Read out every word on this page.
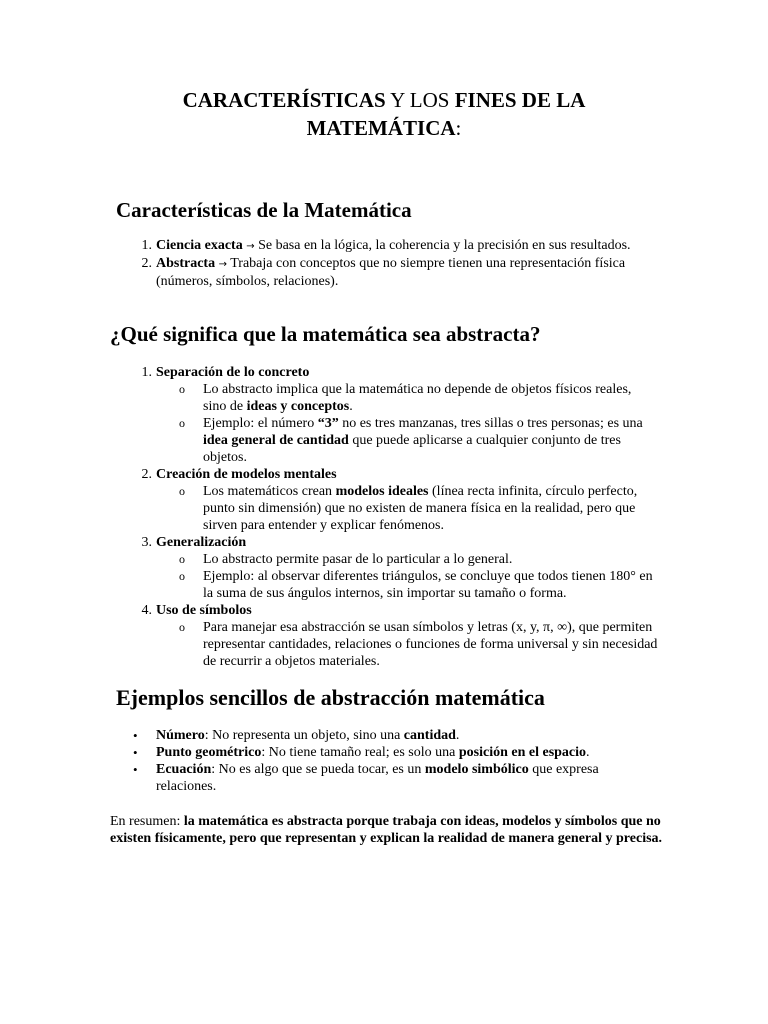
CARACTERÍSTICAS Y LOS FINES DE LA
MATEMÁTICA:
Características de la Matemática
1. Ciencia exacta → Se basa en la lógica, la coherencia y la precisión en sus resultados.
2. Abstracta → Trabaja con conceptos que no siempre tienen una representación física (números, símbolos, relaciones).
¿Qué significa que la matemática sea abstracta?
1. Separación de lo concreto
o Lo abstracto implica que la matemática no depende de objetos físicos reales, sino de ideas y conceptos.
o Ejemplo: el número “3” no es tres manzanas, tres sillas o tres personas; es una idea general de cantidad que puede aplicarse a cualquier conjunto de tres objetos.
2. Creación de modelos mentales
o Los matemáticos crean modelos ideales (línea recta infinita, círculo perfecto, punto sin dimensión) que no existen de manera física en la realidad, pero que sirven para entender y explicar fenómenos.
3. Generalización
o Lo abstracto permite pasar de lo particular a lo general.
o Ejemplo: al observar diferentes triángulos, se concluye que todos tienen 180° en la suma de sus ángulos internos, sin importar su tamaño o forma.
4. Uso de símbolos
o Para manejar esa abstracción se usan símbolos y letras (x, y, π, ∞), que permiten representar cantidades, relaciones o funciones de forma universal y sin necesidad de recurrir a objetos materiales.
Ejemplos sencillos de abstracción matemática
• Número: No representa un objeto, sino una cantidad.
• Punto geométrico: No tiene tamaño real; es solo una posición en el espacio.
• Ecuación: No es algo que se pueda tocar, es un modelo simbólico que expresa relaciones.
En resumen: la matemática es abstracta porque trabaja con ideas, modelos y símbolos que no existen físicamente, pero que representan y explican la realidad de manera general y precisa.
